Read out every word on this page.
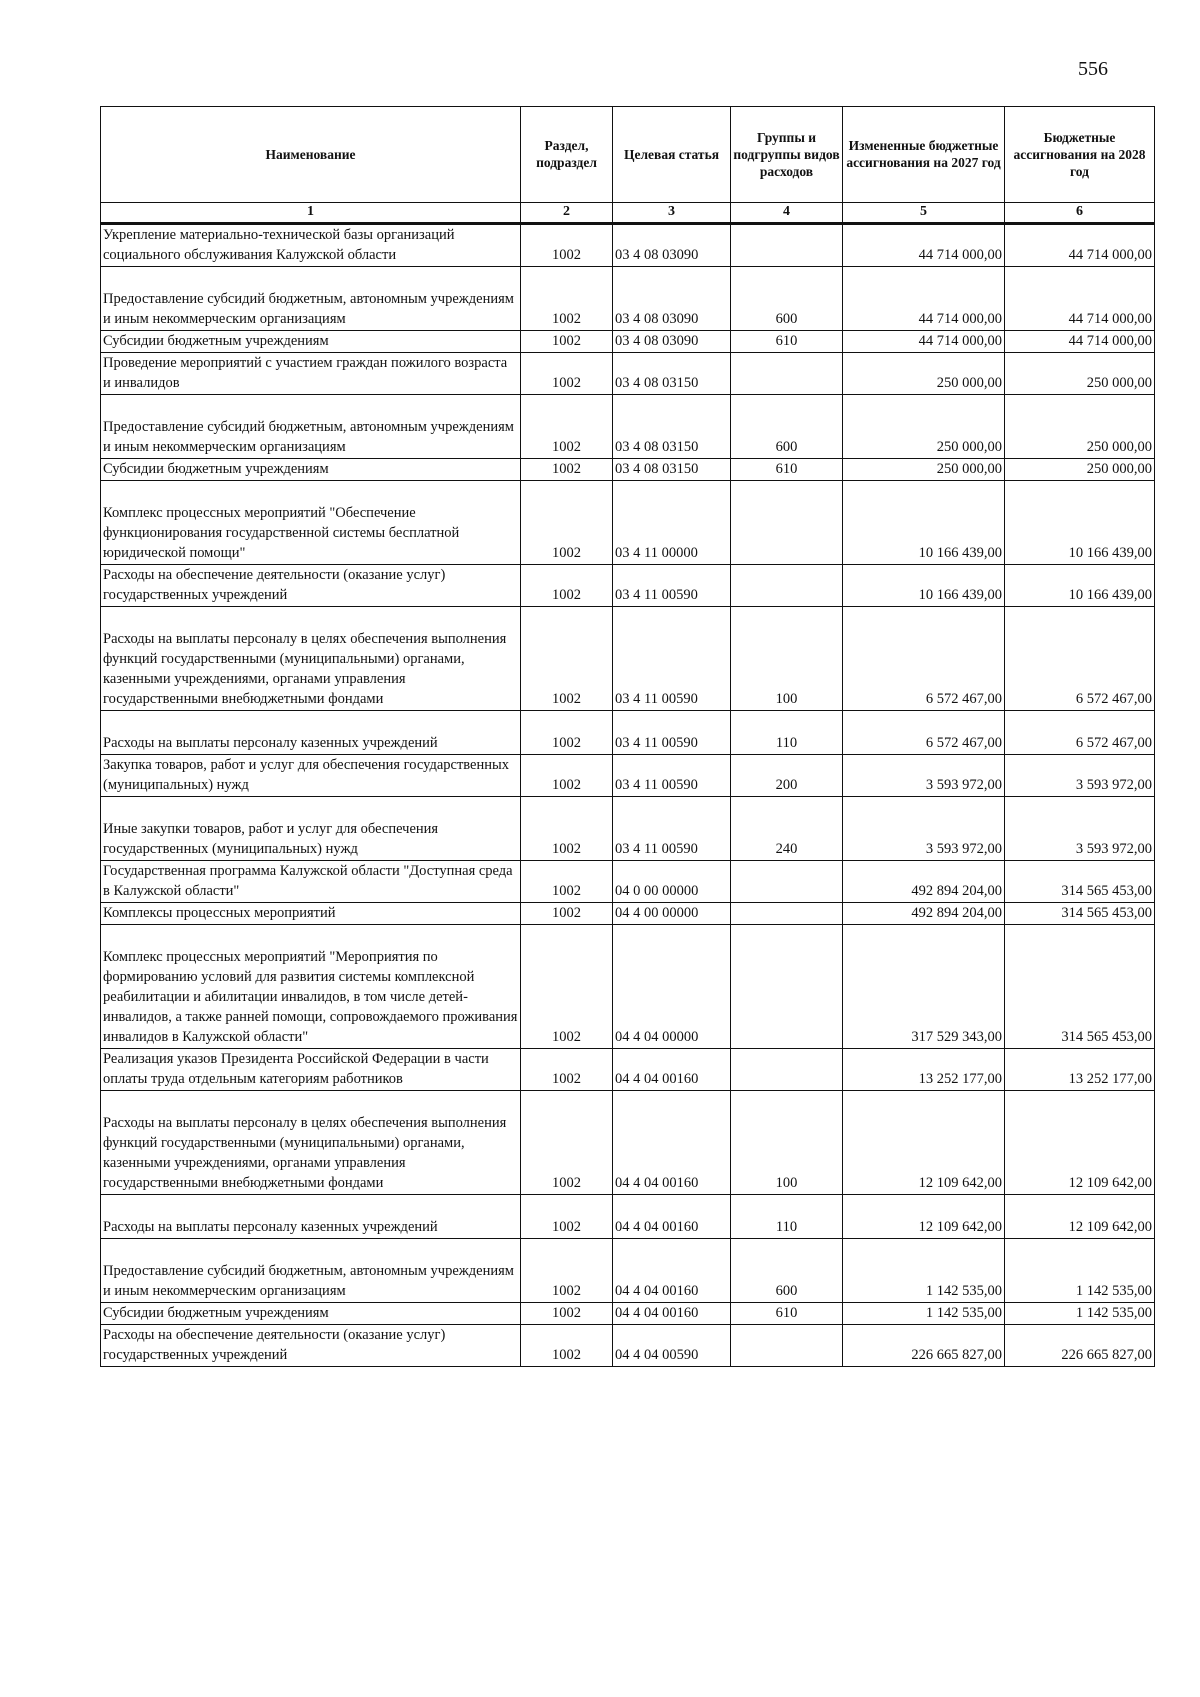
556
Наименование	Раздел, подраздел	Целевая статья	Группы и подгруппы видов расходов	Измененные бюджетные ассигнования на 2027 год	Бюджетные ассигнования на 2028 год
1	2	3	4	5	6
Укрепление материально-технической базы организаций социального обслуживания Калужской области	1002	03 4 08 03090		44 714 000,00	44 714 000,00
Предоставление субсидий бюджетным, автономным учреждениям и иным некоммерческим организациям	1002	03 4 08 03090	600	44 714 000,00	44 714 000,00
Субсидии бюджетным учреждениям	1002	03 4 08 03090	610	44 714 000,00	44 714 000,00
Проведение мероприятий с участием граждан пожилого возраста и инвалидов	1002	03 4 08 03150		250 000,00	250 000,00
Предоставление субсидий бюджетным, автономным учреждениям и иным некоммерческим организациям	1002	03 4 08 03150	600	250 000,00	250 000,00
Субсидии бюджетным учреждениям	1002	03 4 08 03150	610	250 000,00	250 000,00
Комплекс процессных мероприятий "Обеспечение функционирования государственной системы бесплатной юридической помощи"	1002	03 4 11 00000		10 166 439,00	10 166 439,00
Расходы на обеспечение деятельности (оказание услуг) государственных учреждений	1002	03 4 11 00590		10 166 439,00	10 166 439,00
Расходы на выплаты персоналу в целях обеспечения выполнения функций государственными (муниципальными) органами, казенными учреждениями, органами управления государственными внебюджетными фондами	1002	03 4 11 00590	100	6 572 467,00	6 572 467,00
Расходы на выплаты персоналу казенных учреждений	1002	03 4 11 00590	110	6 572 467,00	6 572 467,00
Закупка товаров, работ и услуг для обеспечения государственных (муниципальных) нужд	1002	03 4 11 00590	200	3 593 972,00	3 593 972,00
Иные закупки товаров, работ и услуг для обеспечения государственных (муниципальных) нужд	1002	03 4 11 00590	240	3 593 972,00	3 593 972,00
Государственная программа Калужской области "Доступная среда в Калужской области"	1002	04 0 00 00000		492 894 204,00	314 565 453,00
Комплексы процессных мероприятий	1002	04 4 00 00000		492 894 204,00	314 565 453,00
Комплекс процессных мероприятий "Мероприятия по формированию условий для развития системы комплексной реабилитации и абилитации инвалидов, в том числе детей-инвалидов, а также ранней помощи, сопровождаемого проживания инвалидов в Калужской области"	1002	04 4 04 00000		317 529 343,00	314 565 453,00
Реализация указов Президента Российской Федерации в части оплаты труда отдельным категориям работников	1002	04 4 04 00160		13 252 177,00	13 252 177,00
Расходы на выплаты персоналу в целях обеспечения выполнения функций государственными (муниципальными) органами, казенными учреждениями, органами управления государственными внебюджетными фондами	1002	04 4 04 00160	100	12 109 642,00	12 109 642,00
Расходы на выплаты персоналу казенных учреждений	1002	04 4 04 00160	110	12 109 642,00	12 109 642,00
Предоставление субсидий бюджетным, автономным учреждениям и иным некоммерческим организациям	1002	04 4 04 00160	600	1 142 535,00	1 142 535,00
Субсидии бюджетным учреждениям	1002	04 4 04 00160	610	1 142 535,00	1 142 535,00
Расходы на обеспечение деятельности (оказание услуг) государственных учреждений	1002	04 4 04 00590		226 665 827,00	226 665 827,00
